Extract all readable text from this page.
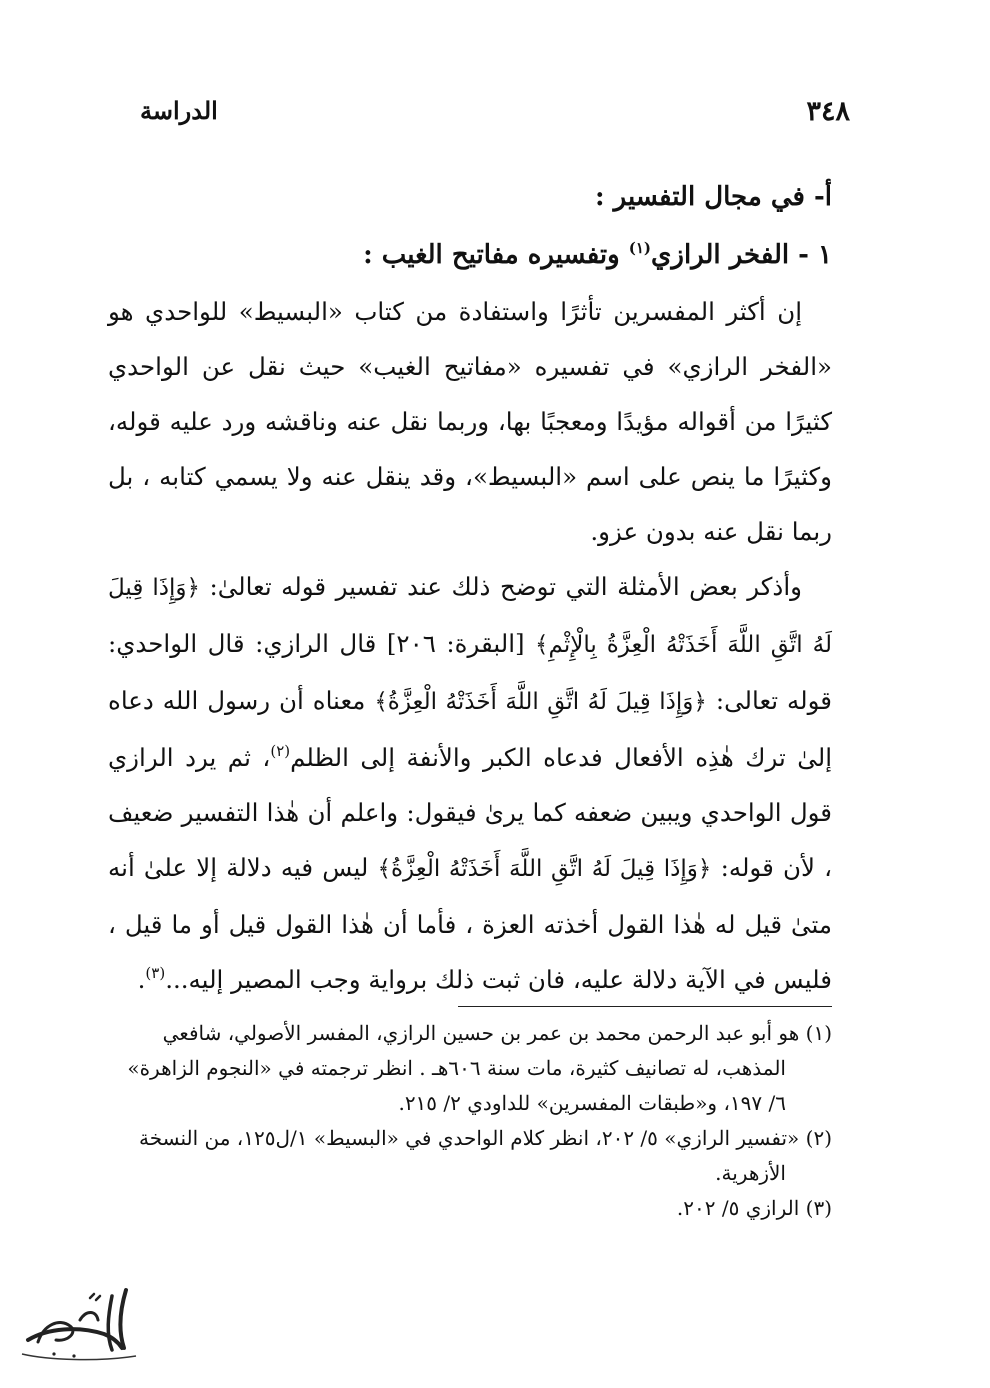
٣٤٨
الدراسة

أ- في مجال التفسير :

١ - الفخر الرازي$^{(١)}$ وتفسيره مفاتيح الغيب :

إن أكثر المفسرين تأثرًا واستفادة من كتاب «البسيط» للواحدي هو «الفخر الرازي» في تفسيره «مفاتيح الغيب» حيث نقل عن الواحدي كثيرًا من أقواله مؤيدًا ومعجبًا بها، وربما نقل عنه وناقشه ورد عليه قوله، وكثيرًا ما ينص على اسم «البسيط»، وقد ينقل عنه ولا يسمي كتابه ، بل ربما نقل عنه بدون عزو.

وأذكر بعض الأمثلة التي توضح ذلك عند تفسير قوله تعالىٰ: ﴿وَإِذَا قِيلَ لَهُ اتَّقِ اللَّهَ أَخَذَتْهُ الْعِزَّةُ بِالْإِثْمِ﴾ [البقرة: ٢٠٦] قال الرازي: قال الواحدي: قوله تعالى: ﴿وَإِذَا قِيلَ لَهُ اتَّقِ اللَّهَ أَخَذَتْهُ الْعِزَّةُ﴾ معناه أن رسول الله دعاه إلىٰ ترك هٰذِه الأفعال فدعاه الكبر والأنفة إلى الظلم$^{(٢)}$، ثم يرد الرازي قول الواحدي ويبين ضعفه كما يرىٰ فيقول: واعلم أن هٰذا التفسير ضعيف ، لأن قوله: ﴿وَإِذَا قِيلَ لَهُ اتَّقِ اللَّهَ أَخَذَتْهُ الْعِزَّةُ﴾ ليس فيه دلالة إلا علىٰ أنه متىٰ قيل له هٰذا القول أخذته العزة ، فأما أن هٰذا القول قيل أو ما قيل ، فليس في الآية دلالة عليه، فان ثبت ذلك برواية وجب المصير إليه...$^{(٣)}$.

(١) هو أبو عبد الرحمن محمد بن عمر بن حسين الرازي، المفسر الأصولي، شافعي

المذهب، له تصانيف كثيرة، مات سنة ٦٠٦هـ . انظر ترجمته في «النجوم الزاهرة»

٦/ ١٩٧، و«طبقات المفسرين» للداودي ٢/ ٢١٥.

(٢) «تفسير الرازي» ٥/ ٢٠٢، انظر كلام الواحدي في «البسيط» ١/ل١٢٥، من النسخة

الأزهرية.

(٣) الرازي ٥/ ٢٠٢.
